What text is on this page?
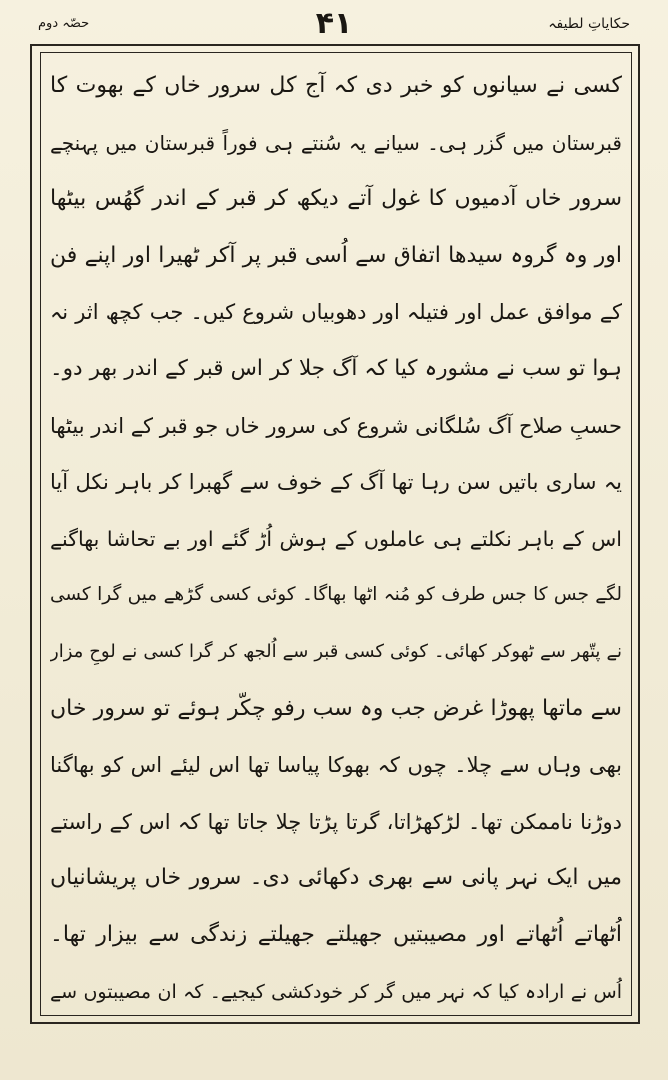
حصّہ دوم	۴۱	حکایاتِ لطیفہ
کسی نے سیانوں کو خبر دی کہ آج کل سرور خاں کے بھوت کا
قبرستان میں گزر ہی۔ سیانے یہ سُنتے ہی فوراً قبرستان میں پہنچے
سرور خاں آدمیوں کا غول آتے دیکھ کر قبر کے اندر گھُس بیٹھا
اور وہ گروہ سیدھا اتفاق سے اُسی قبر پر آکر ٹھیرا اور اپنے فن
کے موافق عمل اور فتیلہ اور دھوبیاں شروع کیں۔ جب کچھ اثر نہ
ہوا تو سب نے مشورہ کیا کہ آگ جلا کر اس قبر کے اندر بھر دو۔
حسبِ صلاح آگ سُلگانی شروع کی سرور خاں جو قبر کے اندر بیٹھا
یہ ساری باتیں سن رہا تھا آگ کے خوف سے گھبرا کر باہر نکل آیا
اس کے باہر نکلتے ہی عاملوں کے ہوش اُڑ گئے اور بے تحاشا بھاگنے
لگے جس کا جس طرف کو مُنہ اٹھا بھاگا۔ کوئی کسی گڑھے میں گرا کسی
نے پتّھر سے ٹھوکر کھائی۔ کوئی کسی قبر سے اُلجھ کر گرا کسی نے لوحِ مزار
سے ماتھا پھوڑا غرض جب وہ سب رفو چکّر ہوئے تو سرور خاں
بھی وہاں سے چلا۔ چوں کہ بھوکا پیاسا تھا اس لیئے اس کو بھاگنا
دوڑنا ناممکن تھا۔ لڑکھڑاتا، گرتا پڑتا چلا جاتا تھا کہ اس کے راستے
میں ایک نہر پانی سے بھری دکھائی دی۔ سرور خاں پریشانیاں
اُٹھاتے اُٹھاتے اور مصیبتیں جھیلتے جھیلتے زندگی سے بیزار تھا۔
اُس نے ارادہ کیا کہ نہر میں گر کر خودکشی کیجیے۔ کہ ان مصیبتوں سے
